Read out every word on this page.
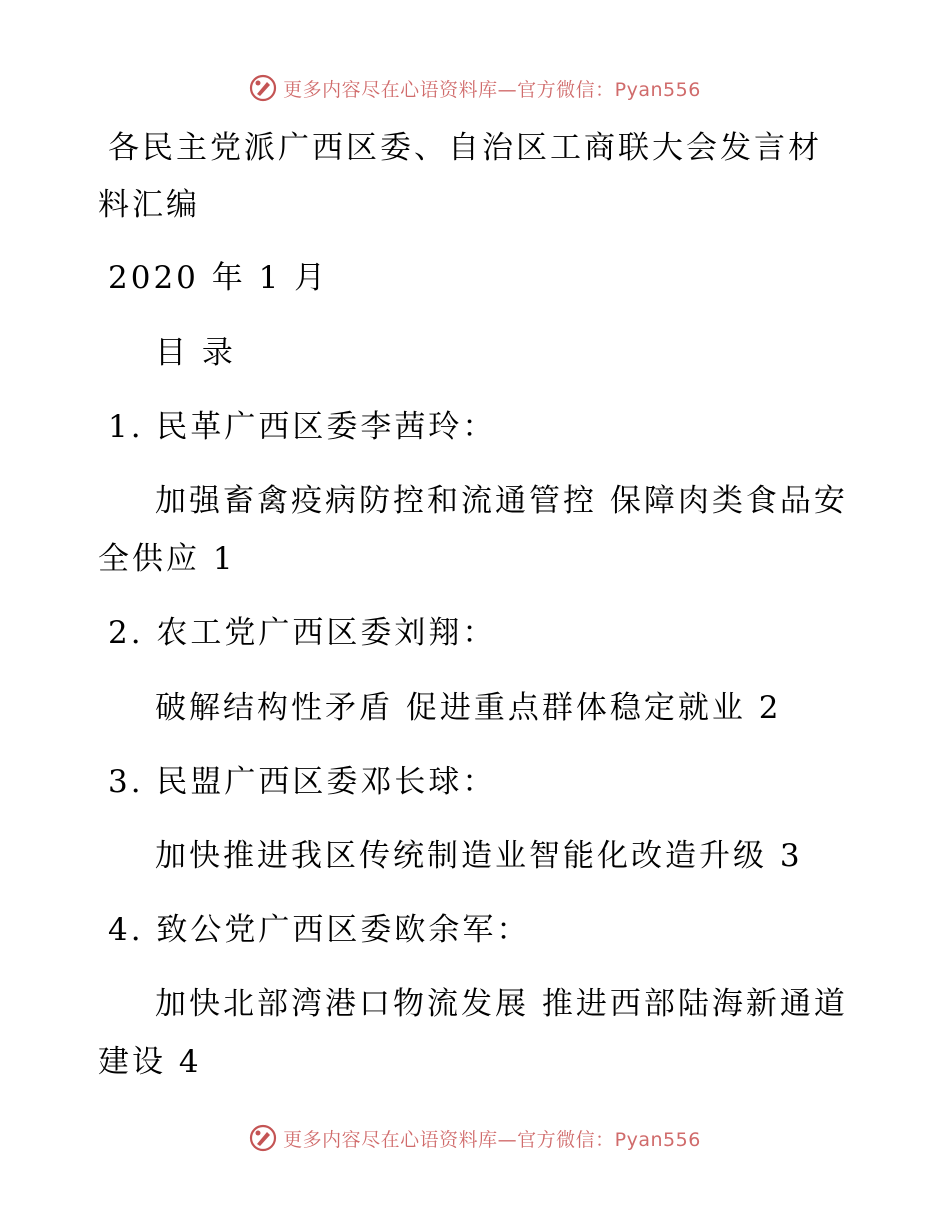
更多内容尽在心语资料库—官方微信：Pyan556
各民主党派广西区委、自治区工商联大会发言材
料汇编
2020 年 1 月
目 录
1. 民革广西区委李茜玲：
加强畜禽疫病防控和流通管控 保障肉类食品安
全供应 1
2. 农工党广西区委刘翔：
破解结构性矛盾 促进重点群体稳定就业 2
3. 民盟广西区委邓长球：
加快推进我区传统制造业智能化改造升级 3
4. 致公党广西区委欧余军：
加快北部湾港口物流发展 推进西部陆海新通道
建设 4
更多内容尽在心语资料库—官方微信：Pyan556
